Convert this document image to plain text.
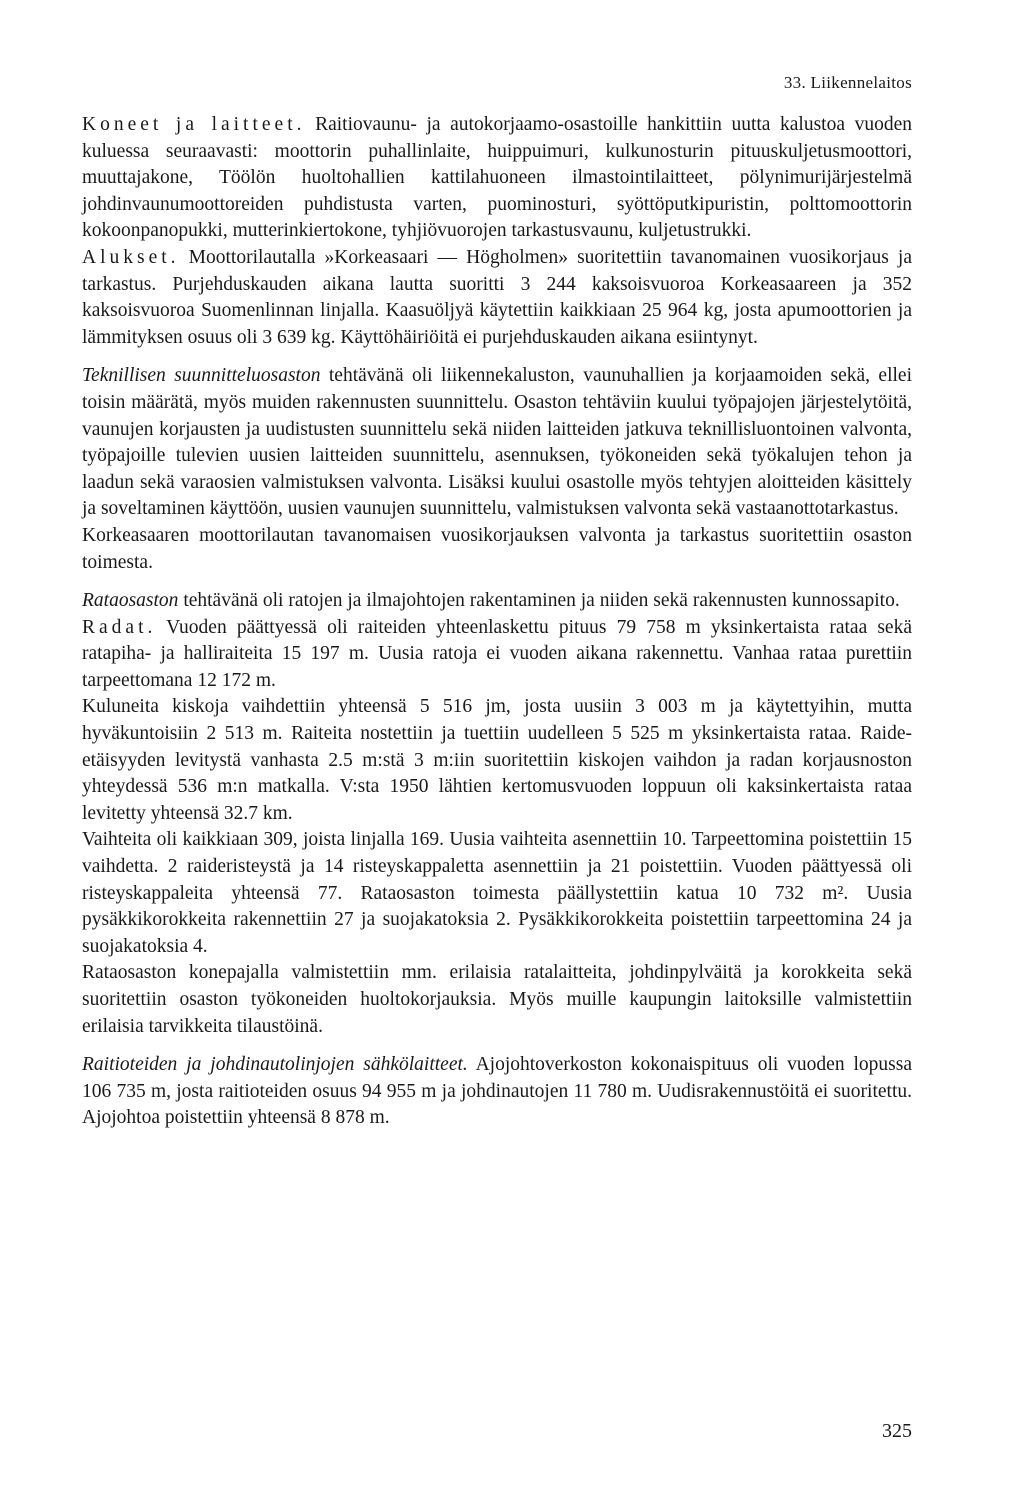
33. Liikennelaitos

Koneet ja laitteet. Raitiovaunu- ja autokorjaamo-osastoille hankittiin uutta kalustoa vuoden kuluessa seuraavasti: moottorin puhallinlaite, huippuimuri, kulkunosturin pituuskuljetusmoottori, muuttajakone, Töölön huoltohallien kattilahuoneen ilmastointilaitteet, pölynimurijärjestelmä johdinvaunumoottoreiden puhdistusta varten, puominosturi, syöttöputkipuristin, polttomoottorin kokoonpanopukki, mutterinkiertokone, tyhjiövuorojen tarkastusvaunu, kuljetustrukki.

Alukset. Moottorilautalla »Korkeasaari — Högholmen» suoritettiin tavanomainen vuosikorjaus ja tarkastus. Purjehduskauden aikana lautta suoritti 3 244 kaksoisvuoroa Korkeasaareen ja 352 kaksoisvuoroa Suomenlinnan linjalla. Kaasuöljyä käytettiin kaikkiaan 25 964 kg, josta apumoottorien ja lämmityksen osuus oli 3 639 kg. Käyttöhäiriöitä ei purjehduskauden aikana esiintynyt.

Teknillisen suunnitteluosaston tehtävänä oli liikennekaluston, vaunuhallien ja korjaamoiden sekä, ellei toisin määrätä, myös muiden rakennusten suunnittelu. Osaston tehtäviin kuului työpajojen järjestelytöitä, vaunujen korjausten ja uudistusten suunnittelu sekä niiden laitteiden jatkuva teknillisluontoinen valvonta, työpajoille tulevien uusien laitteiden suunnittelu, asennuksen, työkoneiden sekä työkalujen tehon ja laadun sekä varaosien valmistuksen valvonta. Lisäksi kuului osastolle myös tehtyjen aloitteiden käsittely ja soveltaminen käyttöön, uusien vaunujen suunnittelu, valmistuksen valvonta sekä vastaanottotarkastus.

Korkeasaaren moottorilautan tavanomaisen vuosikorjauksen valvonta ja tarkastus suoritettiin osaston toimesta.

Rataosaston tehtävänä oli ratojen ja ilmajohtojen rakentaminen ja niiden sekä rakennusten kunnossapito.

Radat. Vuoden päättyessä oli raiteiden yhteenlaskettu pituus 79 758 m yksinkertaista rataa sekä ratapiha- ja halliraiteita 15 197 m. Uusia ratoja ei vuoden aikana rakennettu. Vanhaa rataa purettiin tarpeettomana 12 172 m.

Kuluneita kiskoja vaihdettiin yhteensä 5 516 jm, josta uusiin 3 003 m ja käytettyihin, mutta hyväkuntoisiin 2 513 m. Raiteita nostettiin ja tuettiin uudelleen 5 525 m yksinkertaista rataa. Raide-etäisyyden levitystä vanhasta 2.5 m:stä 3 m:iin suoritettiin kiskojen vaihdon ja radan korjausnoston yhteydessä 536 m:n matkalla. V:sta 1950 lähtien kertomusvuoden loppuun oli kaksinkertaista rataa levitetty yhteensä 32.7 km.

Vaihteita oli kaikkiaan 309, joista linjalla 169. Uusia vaihteita asennettiin 10. Tarpeettomina poistettiin 15 vaihdetta. 2 raideristeystä ja 14 risteyskappaletta asennettiin ja 21 poistettiin. Vuoden päättyessä oli risteyskappaleita yhteensä 77. Rataosaston toimesta päällystettiin katua 10 732 m². Uusia pysäkkikorokkeita rakennettiin 27 ja suojakatoksia 2. Pysäkkikorokkeita poistettiin tarpeettomina 24 ja suojakatoksia 4.

Rataosaston konepajalla valmistettiin mm. erilaisia ratalaitteita, johdinpylväitä ja korokkeita sekä suoritettiin osaston työkoneiden huoltokorjauksia. Myös muille kaupungin laitoksille valmistettiin erilaisia tarvikkeita tilaustöinä.

Raitioteiden ja johdinautolinjojen sähkölaitteet. Ajojohtoverkoston kokonaispituus oli vuoden lopussa 106 735 m, josta raitioteiden osuus 94 955 m ja johdinautojen 11 780 m. Uudisrakennustöitä ei suoritettu. Ajojohtoa poistettiin yhteensä 8 878 m.

325
